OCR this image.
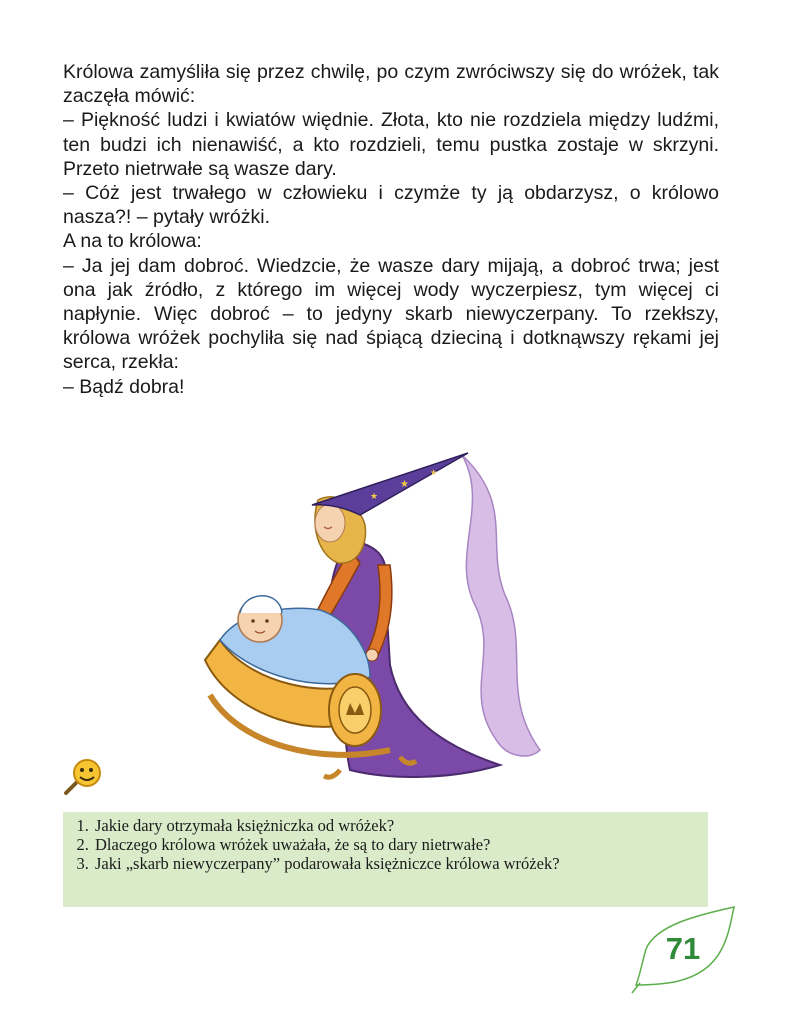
Królowa zamyśliła się przez chwilę, po czym zwróciwszy się do wróżek, tak zaczęła mówić:

– Piękność ludzi i kwiatów więdnie. Złota, kto nie rozdziela między ludźmi, ten budzi ich nienawiść, a kto rozdzieli, temu pustka zostaje w skrzyni. Przeto nietrwałe są wasze dary.

– Cóż jest trwałego w człowieku i czymże ty ją obdarzysz, o królowo nasza?! – pytały wróżki.

A na to królowa:

– Ja jej dam dobroć. Wiedzcie, że wasze dary mijają, a dobroć trwa; jest ona jak źródło, z którego im więcej wody wyczerpiesz, tym więcej ci napłynie. Więc dobroć – to jedyny skarb niewyczerpany. To rzekłszy, królowa wróżek pochyliła się nad śpiącą dzieciną i dotknąwszy rękami jej serca, rzekła:

– Bądź dobra!

★
★
★
1. Jakie dary otrzymała księżniczka od wróżek?
2. Dlaczego królowa wróżek uważała, że są to dary nietrwałe?
3. Jaki „skarb niewyczerpany” podarowała księżniczce królowa wróżek?
71
